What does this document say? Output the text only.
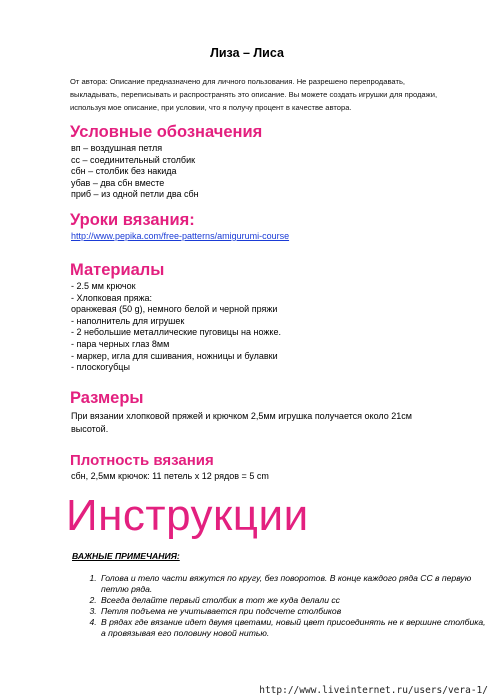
Лиза – Лиса
От автора: Описание предназначено для личного пользования. Не разрешено перепродавать, выкладывать, переписывать и распространять это описание. Вы можете создать игрушки для продажи, используя мое описание, при условии, что я получу процент в качестве автора.
Условные обозначения
вп – воздушная петля
сс – соединительный столбик
сбн – столбик без накида
убав – два сбн вместе
приб – из одной петли два сбн
Уроки вязания:
http://www.pepika.com/free-patterns/amigurumi-course
Материалы
- 2.5 мм крючок
- Хлопковая пряжа:
оранжевая (50 g), немного белой и черной пряжи
- наполнитель для игрушек
- 2 небольшие металлические пуговицы на ножке.
- пара черных глаз 8мм
- маркер, игла для сшивания, ножницы и булавки
- плоскогубцы
Размеры
При вязании хлопковой пряжей и крючком 2,5мм игрушка получается около 21см высотой.
Плотность вязания
сбн, 2,5мм крючок: 11 петель х 12 рядов = 5 cm
Инструкции
ВАЖНЫЕ ПРИМЕЧАНИЯ:
1. Голова и тело части вяжутся по кругу, без поворотов. В конце каждого ряда СС в первую петлю ряда.
2. Всегда делайте первый столбик в тот же куда делали сс
3. Петля подъема не учитывается при подсчете столбиков
4. В рядах где вязание идет двумя цветами, новый цвет присоединять не к вершине столбика, а провязывая его половину новой нитью.
http://www.liveinternet.ru/users/vera-1/
